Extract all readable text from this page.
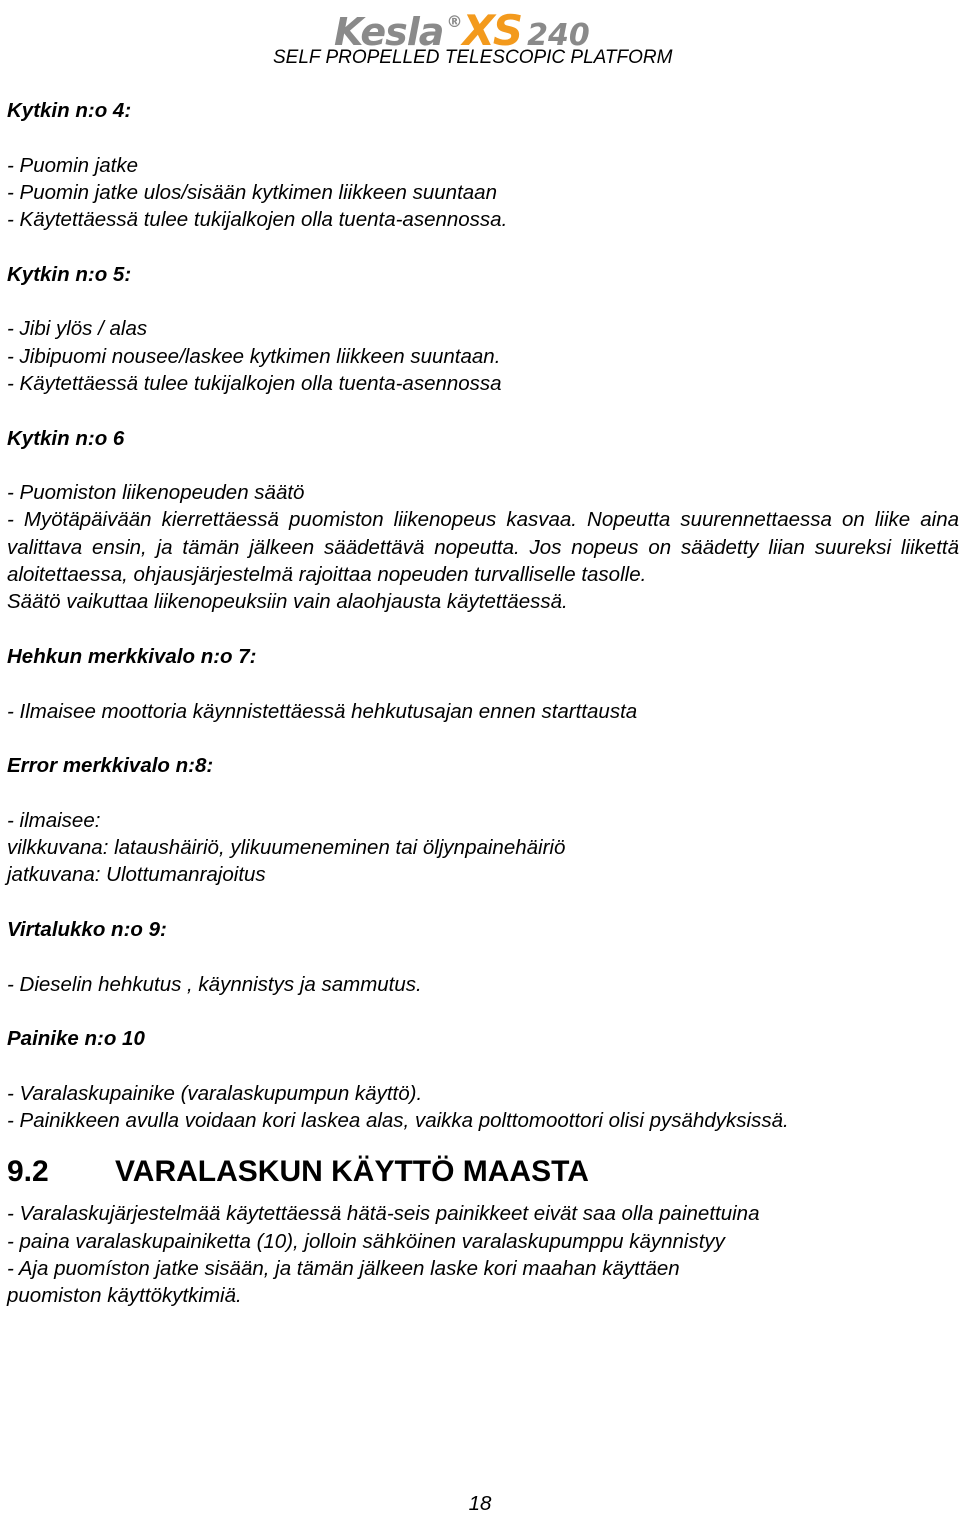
Kesla ®XS 240
SELF PROPELLED TELESCOPIC PLATFORM

Kytkin n:o 4:

- Puomin jatke

- Puomin jatke ulos/sisään kytkimen liikkeen suuntaan

- Käytettäessä tulee tukijalkojen olla tuenta-asennossa.

Kytkin n:o 5:

- Jibi ylös / alas

- Jibipuomi nousee/laskee kytkimen liikkeen suuntaan.

- Käytettäessä tulee tukijalkojen olla tuenta-asennossa

Kytkin n:o 6

- Puomiston liikenopeuden säätö

- Myötäpäivään kierrettäessä puomiston liikenopeus kasvaa. Nopeutta suurennettaessa on liike aina valittava ensin, ja tämän jälkeen säädettävä nopeutta. Jos nopeus on säädetty liian suureksi liikettä aloitettaessa, ohjausjärjestelmä rajoittaa nopeuden turvalliselle tasolle.

Säätö vaikuttaa liikenopeuksiin vain alaohjausta käytettäessä.

Hehkun merkkivalo n:o 7:

- Ilmaisee moottoria käynnistettäessä hehkutusajan ennen starttausta

Error merkkivalo n:8:

- ilmaisee:

vilkkuvana: lataushäiriö, ylikuumeneminen tai öljynpainehäiriö

jatkuvana: Ulottumanrajoitus

Virtalukko n:o 9:

- Dieselin hehkutus , käynnistys ja sammutus.

Painike n:o 10

- Varalaskupainike (varalaskupumpun käyttö).

- Painikkeen avulla voidaan kori laskea alas, vaikka polttomoottori olisi pysähdyksissä.

9.2 VARALASKUN KÄYTTÖ MAASTA

- Varalaskujärjestelmää käytettäessä hätä-seis painikkeet eivät saa olla painettuina

- paina varalaskupainiketta (10), jolloin sähköinen varalaskupumppu käynnistyy

- Aja puomíston jatke sisään, ja tämän jälkeen laske kori maahan käyttäen

puomiston käyttökytkimiä.

18
